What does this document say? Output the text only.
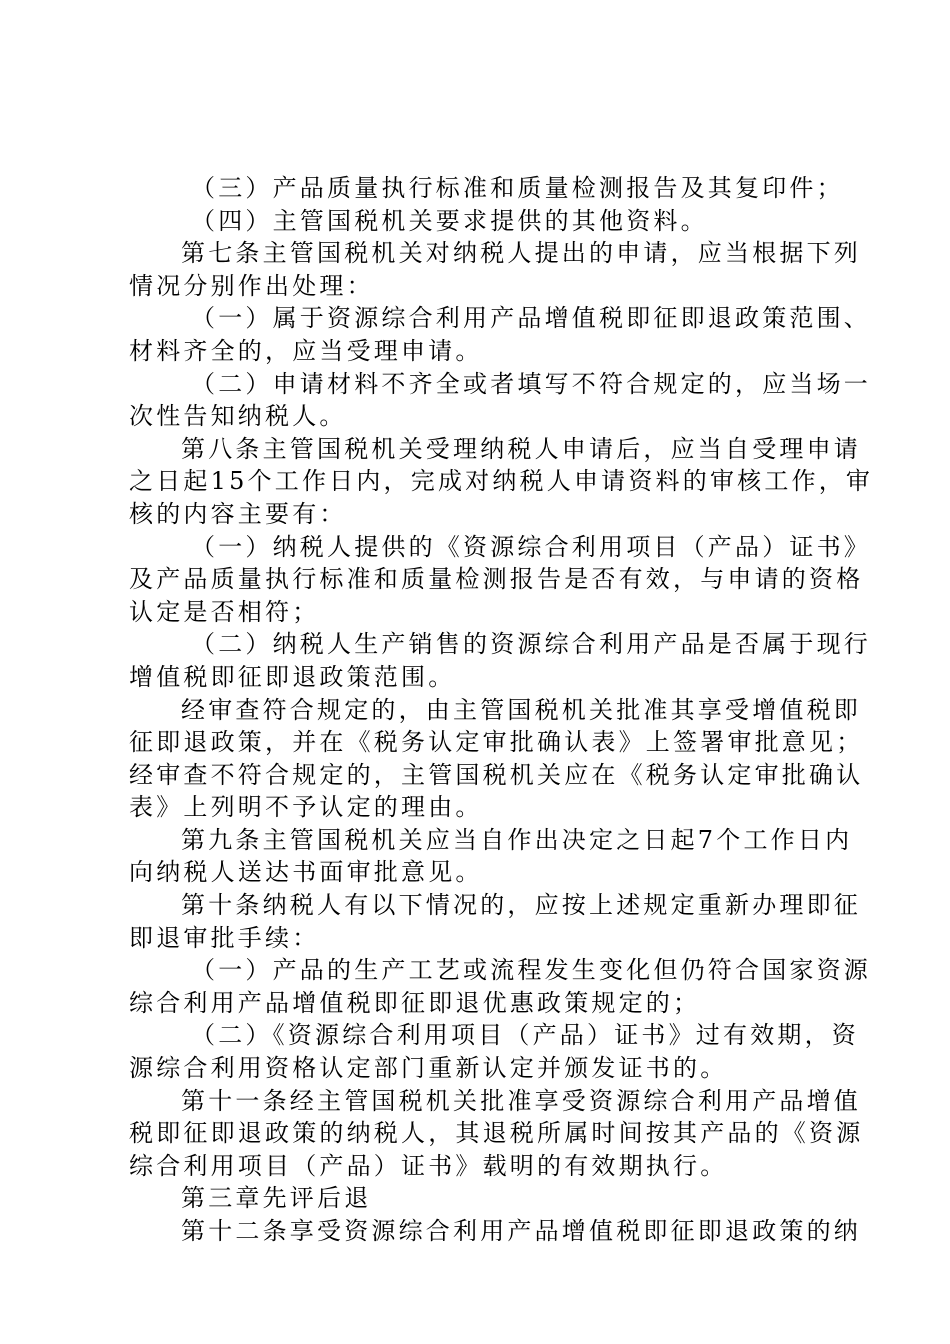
（三）产品质量执行标准和质量检测报告及其复印件；
（四）主管国税机关要求提供的其他资料。
第七条主管国税机关对纳税人提出的申请，应当根据下列
情况分别作出处理：
（一）属于资源综合利用产品增值税即征即退政策范围、
材料齐全的，应当受理申请。
（二）申请材料不齐全或者填写不符合规定的，应当场一
次性告知纳税人。
第八条主管国税机关受理纳税人申请后，应当自受理申请
之日起15个工作日内，完成对纳税人申请资料的审核工作，审
核的内容主要有：
（一）纳税人提供的《资源综合利用项目（产品）证书》
及产品质量执行标准和质量检测报告是否有效，与申请的资格
认定是否相符；
（二）纳税人生产销售的资源综合利用产品是否属于现行
增值税即征即退政策范围。
经审查符合规定的，由主管国税机关批准其享受增值税即
征即退政策，并在《税务认定审批确认表》上签署审批意见；
经审查不符合规定的，主管国税机关应在《税务认定审批确认
表》上列明不予认定的理由。
第九条主管国税机关应当自作出决定之日起7个工作日内
向纳税人送达书面审批意见。
第十条纳税人有以下情况的，应按上述规定重新办理即征
即退审批手续：
（一）产品的生产工艺或流程发生变化但仍符合国家资源
综合利用产品增值税即征即退优惠政策规定的；
（二）《资源综合利用项目（产品）证书》过有效期，资
源综合利用资格认定部门重新认定并颁发证书的。
第十一条经主管国税机关批准享受资源综合利用产品增值
税即征即退政策的纳税人，其退税所属时间按其产品的《资源
综合利用项目（产品）证书》载明的有效期执行。
第三章先评后退
第十二条享受资源综合利用产品增值税即征即退政策的纳
